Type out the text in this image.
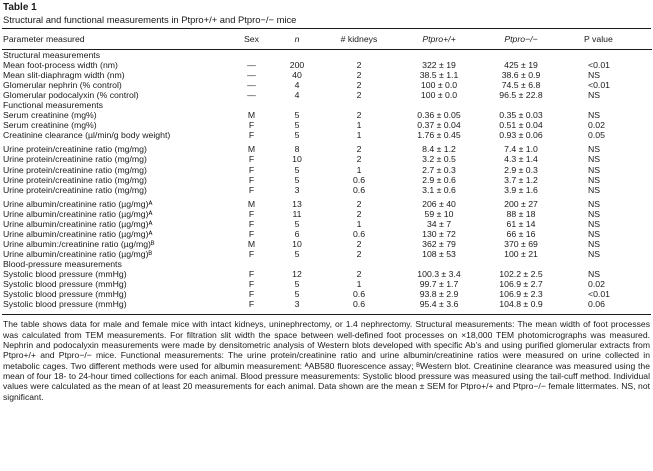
Table 1
Structural and functional measurements in Ptpro+/+ and Ptpro−/− mice
Parameter measured	Sex	n	# kidneys	Ptpro+/+	Ptpro−/−	P value

Structural measurements						
Mean foot-process width (nm)	—	200	2	322 ± 19	425 ± 19	<0.01
Mean slit-diaphragm width (nm)	—	40	2	38.5 ± 1.1	38.6 ± 0.9	NS
Glomerular nephrin (% control)	—	4	2	100 ± 0.0	74.5 ± 6.8	<0.01
Glomerular podocalyxin (% control)	—	4	2	100 ± 0.0	96.5 ± 22.8	NS
Functional measurements						
Serum creatinine (mg%)	M	5	2	0.36 ± 0.05	0.35 ± 0.03	NS
Serum creatinine (mg%)	F	5	1	0.37 ± 0.04	0.51 ± 0.04	0.02
Creatinine clearance (µl/min/g body weight)	F	5	1	1.76 ± 0.45	0.93 ± 0.06	0.05

Urine protein/creatinine ratio (mg/mg)	M	8	2	8.4 ± 1.2	7.4 ± 1.0	NS
Urine protein/creatinine ratio (mg/mg)	F	10	2	3.2 ± 0.5	4.3 ± 1.4	NS
Urine protein/creatinine ratio (mg/mg)	F	5	1	2.7 ± 0.3	2.9 ± 0.3	NS
Urine protein/creatinine ratio (mg/mg)	F	5	0.6	2.9 ± 0.6	3.7 ± 1.2	NS
Urine protein/creatinine ratio (mg/mg)	F	3	0.6	3.1 ± 0.6	3.9 ± 1.6	NS

Urine albumin/creatinine ratio (µg/mg)ᴬ	M	13	2	206 ± 40	200 ± 27	NS
Urine albumin/creatinine ratio (µg/mg)ᴬ	F	11	2	59 ± 10	88 ± 18	NS
Urine albumin/creatinine ratio (µg/mg)ᴬ	F	5	1	34 ± 7	61 ± 14	NS
Urine albumin/creatinine ratio (µg/mg)ᴬ	F	6	0.6	130 ± 72	66 ± 16	NS
Urine albumin:/creatinine ratio (µg/mg)ᴮ	M	10	2	362 ± 79	370 ± 69	NS
Urine albumin/creatinine ratio (µg/mg)ᴮ	F	5	2	108 ± 53	100 ± 21	NS
Blood-pressure measurements						
Systolic blood pressure (mmHg)	F	12	2	100.3 ± 3.4	102.2 ± 2.5	NS
Systolic blood pressure (mmHg)	F	5	1	99.7 ± 1.7	106.9 ± 2.7	0.02
Systolic blood pressure (mmHg)	F	5	0.6	93.8 ± 2.9	106.9 ± 2.3	<0.01
Systolic blood pressure (mmHg)	F	3	0.6	95.4 ± 3.6	104.8 ± 0.9	0.06
The table shows data for male and female mice with intact kidneys, uninephrectomy, or 1.4 nephrectomy. Structural measurements: The mean width of foot processes was calculated from TEM measurements. For filtration slit width the space between well-defined foot processes on ×18,000 TEM photomicrographs was measured. Nephrin and podocalyxin measurements were made by densitometric analysis of Western blots developed with specific Ab’s and using purified glomerular extracts from Ptpro+/+ and Ptpro−/− mice. Functional measurements: The urine protein/creatinine ratio and urine albumin/creatinine ratios were measured on urine collected in metabolic cages. Two different methods were used for albumin measurement: ᴬAB580 fluorescence assay; ᴮWestern blot. Creatinine clearance was measured using the mean of four 18- to 24-hour timed collections for each animal. Blood pressure measurements: Systolic blood pressure was measured using the tail-cuff method. Individual values were calculated as the mean of at least 20 measurements for each animal. Data shown are the mean ± SEM for Ptpro+/+ and Ptpro−/− female littermates. NS, not significant.
